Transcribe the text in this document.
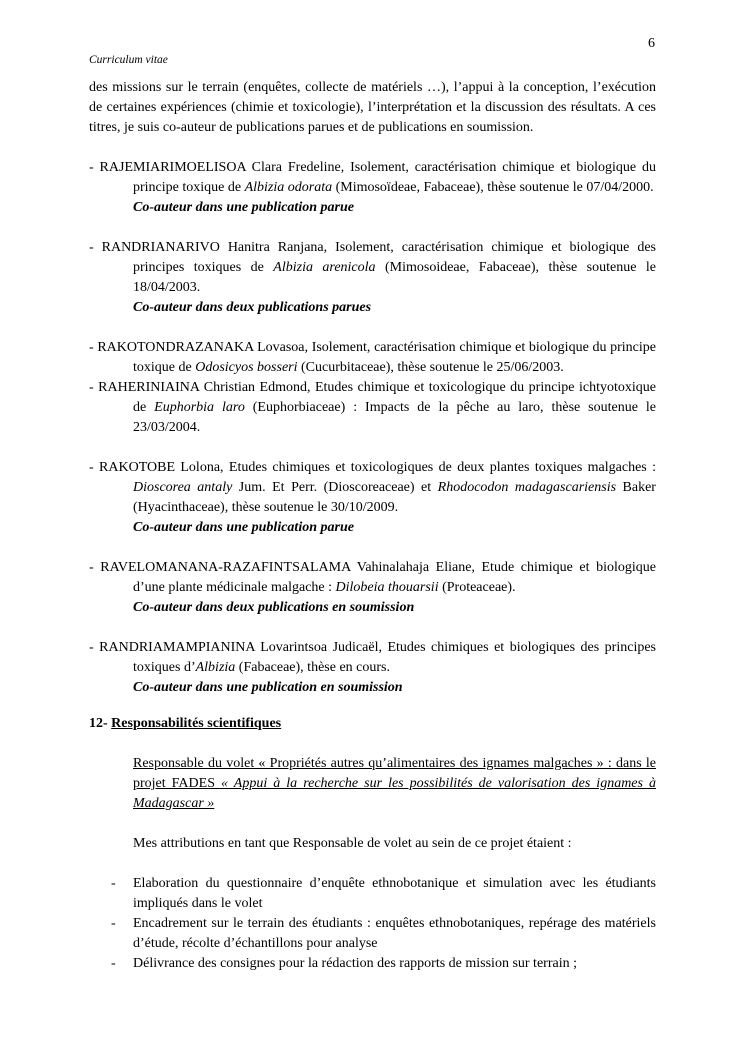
6
Curriculum vitae

des missions sur le terrain (enquêtes, collecte de matériels …), l’appui à la conception, l’exécution de certaines expériences (chimie et toxicologie), l’interprétation et la discussion des résultats. A ces titres, je suis co-auteur de publications parues et de publications en soumission.

- RAJEMIARIMOELISOA Clara Fredeline, Isolement, caractérisation chimique et biologique du principe toxique de Albizia odorata (Mimosoïdeae, Fabaceae), thèse soutenue le 07/04/2000.
Co-auteur dans une publication parue

- RANDRIANARIVO Hanitra Ranjana, Isolement, caractérisation chimique et biologique des principes toxiques de Albizia arenicola (Mimosoideae, Fabaceae), thèse soutenue le 18/04/2003.
Co-auteur dans deux publications parues

- RAKOTONDRAZANAKA Lovasoa, Isolement, caractérisation chimique et biologique du principe toxique de Odosicyos bosseri (Cucurbitaceae), thèse soutenue le 25/06/2003.

- RAHERINIAINA Christian Edmond, Etudes chimique et toxicologique du principe ichtyotoxique de Euphorbia laro (Euphorbiaceae) : Impacts de la pêche au laro, thèse soutenue le 23/03/2004.

- RAKOTOBE Lolona, Etudes chimiques et toxicologiques de deux plantes toxiques malgaches : Dioscorea antaly Jum. Et Perr. (Dioscoreaceae) et Rhodocodon madagascariensis Baker (Hyacinthaceae), thèse soutenue le 30/10/2009.
Co-auteur dans une publication parue

- RAVELOMANANA-RAZAFINTSALAMA Vahinalahaja Eliane, Etude chimique et biologique d’une plante médicinale malgache : Dilobeia thouarsii (Proteaceae).
Co-auteur dans deux publications en soumission

- RANDRIAMAMPIANINA Lovarintsoa Judicaël, Etudes chimiques et biologiques des principes toxiques d’Albizia (Fabaceae), thèse en cours.
Co-auteur dans une publication en soumission

12- Responsabilités scientifiques

Responsable du volet « Propriétés autres qu’alimentaires des ignames malgaches » : dans le projet FADES « Appui à la recherche sur les possibilités de valorisation des ignames à Madagascar »

Mes attributions en tant que Responsable de volet au sein de ce projet étaient :

- Elaboration du questionnaire d’enquête ethnobotanique et simulation avec les étudiants impliqués dans le volet
- Encadrement sur le terrain des étudiants : enquêtes ethnobotaniques, repérage des matériels d’étude, récolte d’échantillons pour analyse
- Délivrance des consignes pour la rédaction des rapports de mission sur terrain ;
